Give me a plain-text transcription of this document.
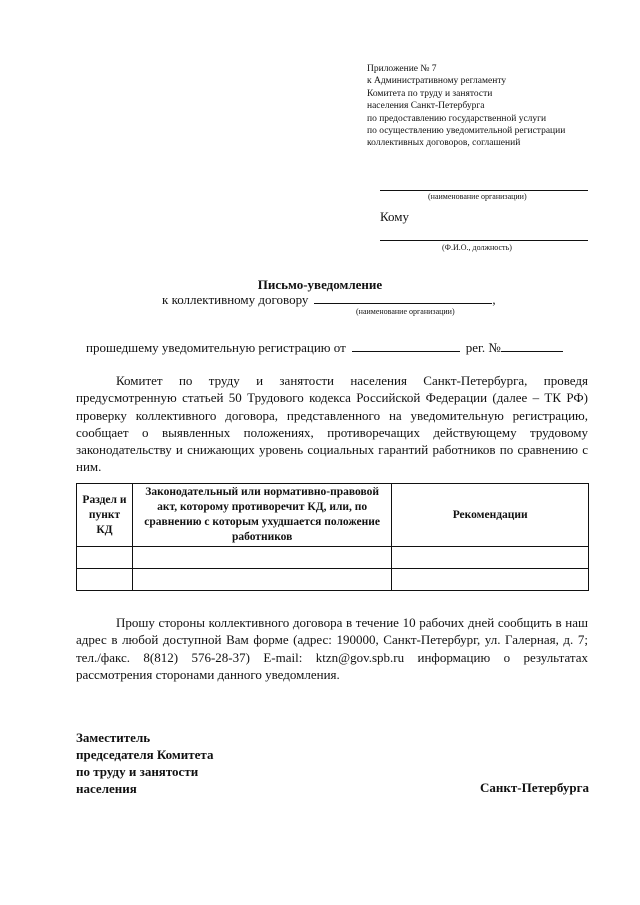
Приложение № 7
к Административному регламенту
Комитета по труду и занятости
населения Санкт-Петербурга
по предоставлению государственной услуги
по осуществлению уведомительной регистрации
коллективных договоров, соглашений
(наименование организации)
Кому
(Ф.И.О., должность)
Письмо-уведомление
к коллективному договору	,
(наименование организации)
прошедшему уведомительную регистрацию от	рег. №
Комитет по труду и занятости населения Санкт-Петербурга, проведя предусмотренную статьей 50 Трудового кодекса Российской Федерации (далее – ТК РФ) проверку коллективного договора, представленного на уведомительную регистрацию, сообщает о выявленных положениях, противоречащих действующему трудовому законодательству и снижающих уровень социальных гарантий работников по сравнению с ним.
Раздел и пункт КД	Законодательный или нормативно-правовой акт, которому противоречит КД, или, по сравнению с которым ухудшается положение работников	Рекомендации

Прошу стороны коллективного договора в течение 10 рабочих дней сообщить в наш адрес в любой доступной Вам форме (адрес: 190000, Санкт-Петербург, ул. Галерная, д. 7; тел./факс. 8(812) 576-28-37) E-mail: ktzn@gov.spb.ru информацию о результатах рассмотрения сторонами данного уведомления.
Заместитель
председателя Комитета
по труду и занятости
населения	Санкт-Петербурга
